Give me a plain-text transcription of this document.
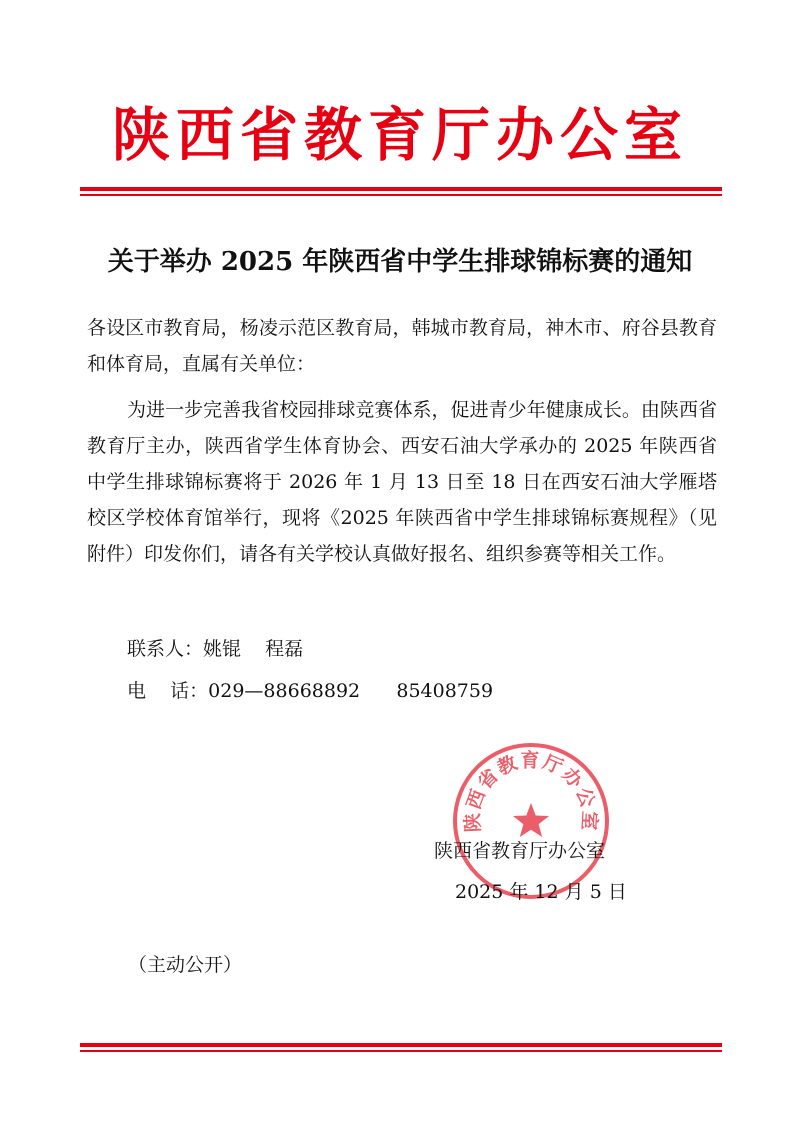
陕西省教育厅办公室
关于举办 2025 年陕西省中学生排球锦标赛的通知

各设区市教育局，杨凌示范区教育局，韩城市教育局，神木市、府谷县教育和体育局，直属有关单位：

为进一步完善我省校园排球竞赛体系，促进青少年健康成长。由陕西省教育厅主办，陕西省学生体育协会、西安石油大学承办的 2025 年陕西省中学生排球锦标赛将于 2026 年 1 月 13 日至 18 日在西安石油大学雁塔校区学校体育馆举行，现将《2025 年陕西省中学生排球锦标赛规程》（见附件）印发你们，请各有关学校认真做好报名、组织参赛等相关工作。

联系人：姚锟    程磊
电    话：029—88668892      85408759
陕西省教育厅办公室
陕西省教育厅办公室
2025 年 12 月 5 日
（主动公开）
